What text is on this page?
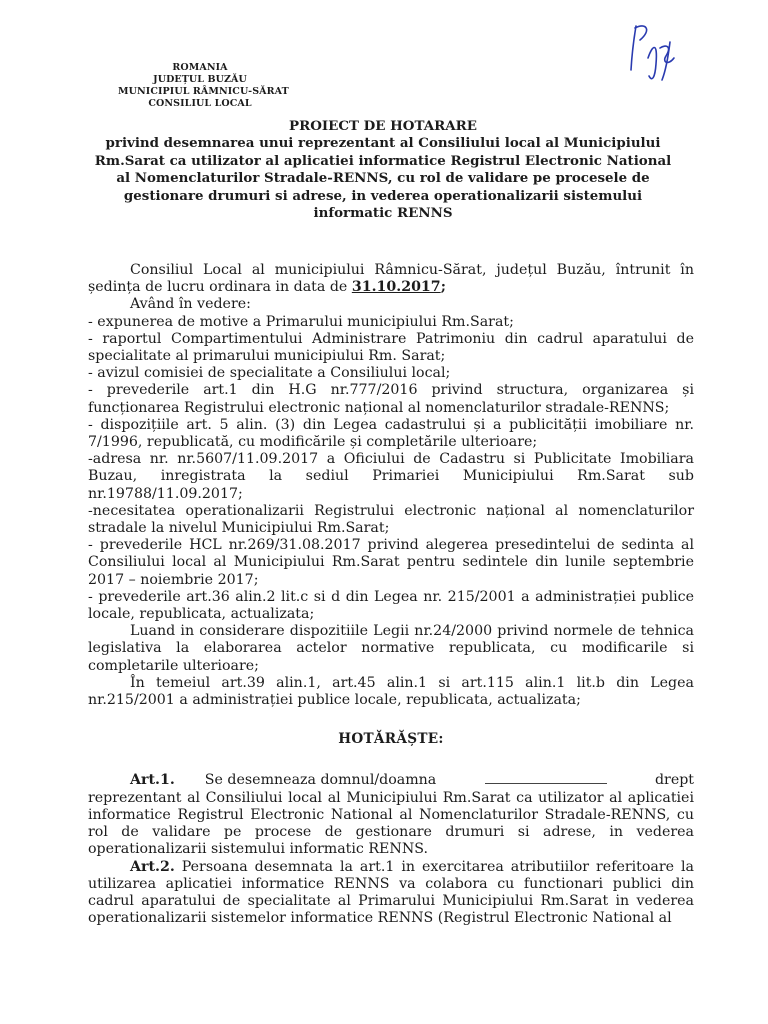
ROMANIA
JUDEȚUL BUZĂU
MUNICIPIUL RÂMNICU-SĂRAT
CONSILIUL LOCAL
PROIECT DE HOTARARE
privind desemnarea unui reprezentant al Consiliului local al Municipiului Rm.Sarat ca utilizator al aplicatiei informatice Registrul Electronic National al Nomenclaturilor Stradale-RENNS, cu rol de validare pe procesele de gestionare drumuri si adrese, in vederea operationalizarii sistemului informatic RENNS

Consiliul Local al municipiului Râmnicu-Sărat, județul Buzău, întrunit în ședința de lucru ordinara in data de 31.10.2017;

Având în vedere:

- expunerea de motive a Primarului municipiului Rm.Sarat;

- raportul Compartimentului Administrare Patrimoniu din cadrul aparatului de specialitate al primarului municipiului Rm. Sarat;

- avizul comisiei de specialitate a Consiliului local;

- prevederile art.1 din H.G nr.777/2016 privind structura, organizarea și funcționarea Registrului electronic național al nomenclaturilor stradale-RENNS;

- dispozițiile art. 5 alin. (3) din Legea cadastrului și a publicității imobiliare nr. 7/1996, republicată, cu modificările și completările ulterioare;

-adresa nr. nr.5607/11.09.2017 a Oficiului de Cadastru si Publicitate Imobiliara Buzau, inregistrata la sediul Primariei Municipiului Rm.Sarat sub nr.19788/11.09.2017;

-necesitatea operationalizarii Registrului electronic național al nomenclaturilor stradale la nivelul Municipiului Rm.Sarat;

- prevederile HCL nr.269/31.08.2017 privind alegerea presedintelui de sedinta al Consiliului local al Municipiului Rm.Sarat pentru sedintele din lunile septembrie 2017 – noiembrie 2017;

- prevederile art.36 alin.2 lit.c si d din Legea nr. 215/2001 a administrației publice locale, republicata, actualizata;

Luand in considerare dispozitiile Legii nr.24/2000 privind normele de tehnica legislativa la elaborarea actelor normative republicata, cu modificarile si completarile ulterioare;

În temeiul art.39 alin.1, art.45 alin.1 si art.115 alin.1 lit.b din Legea nr.215/2001 a administrației publice locale, republicata, actualizata;

HOTĂRĂȘTE:

Art.1. Se desemneaza domnul/doamna	drept
reprezentant al Consiliului local al Municipiului Rm.Sarat ca utilizator al aplicatiei informatice Registrul Electronic National al Nomenclaturilor Stradale-RENNS, cu rol de validare pe procese de gestionare drumuri si adrese, in vederea operationalizarii sistemului informatic RENNS.

Art.2. Persoana desemnata la art.1 in exercitarea atributiilor referitoare la utilizarea aplicatiei informatice RENNS va colabora cu functionari publici din cadrul aparatului de specialitate al Primarului Municipiului Rm.Sarat in vederea operationalizarii sistemelor informatice RENNS (Registrul Electronic National al
